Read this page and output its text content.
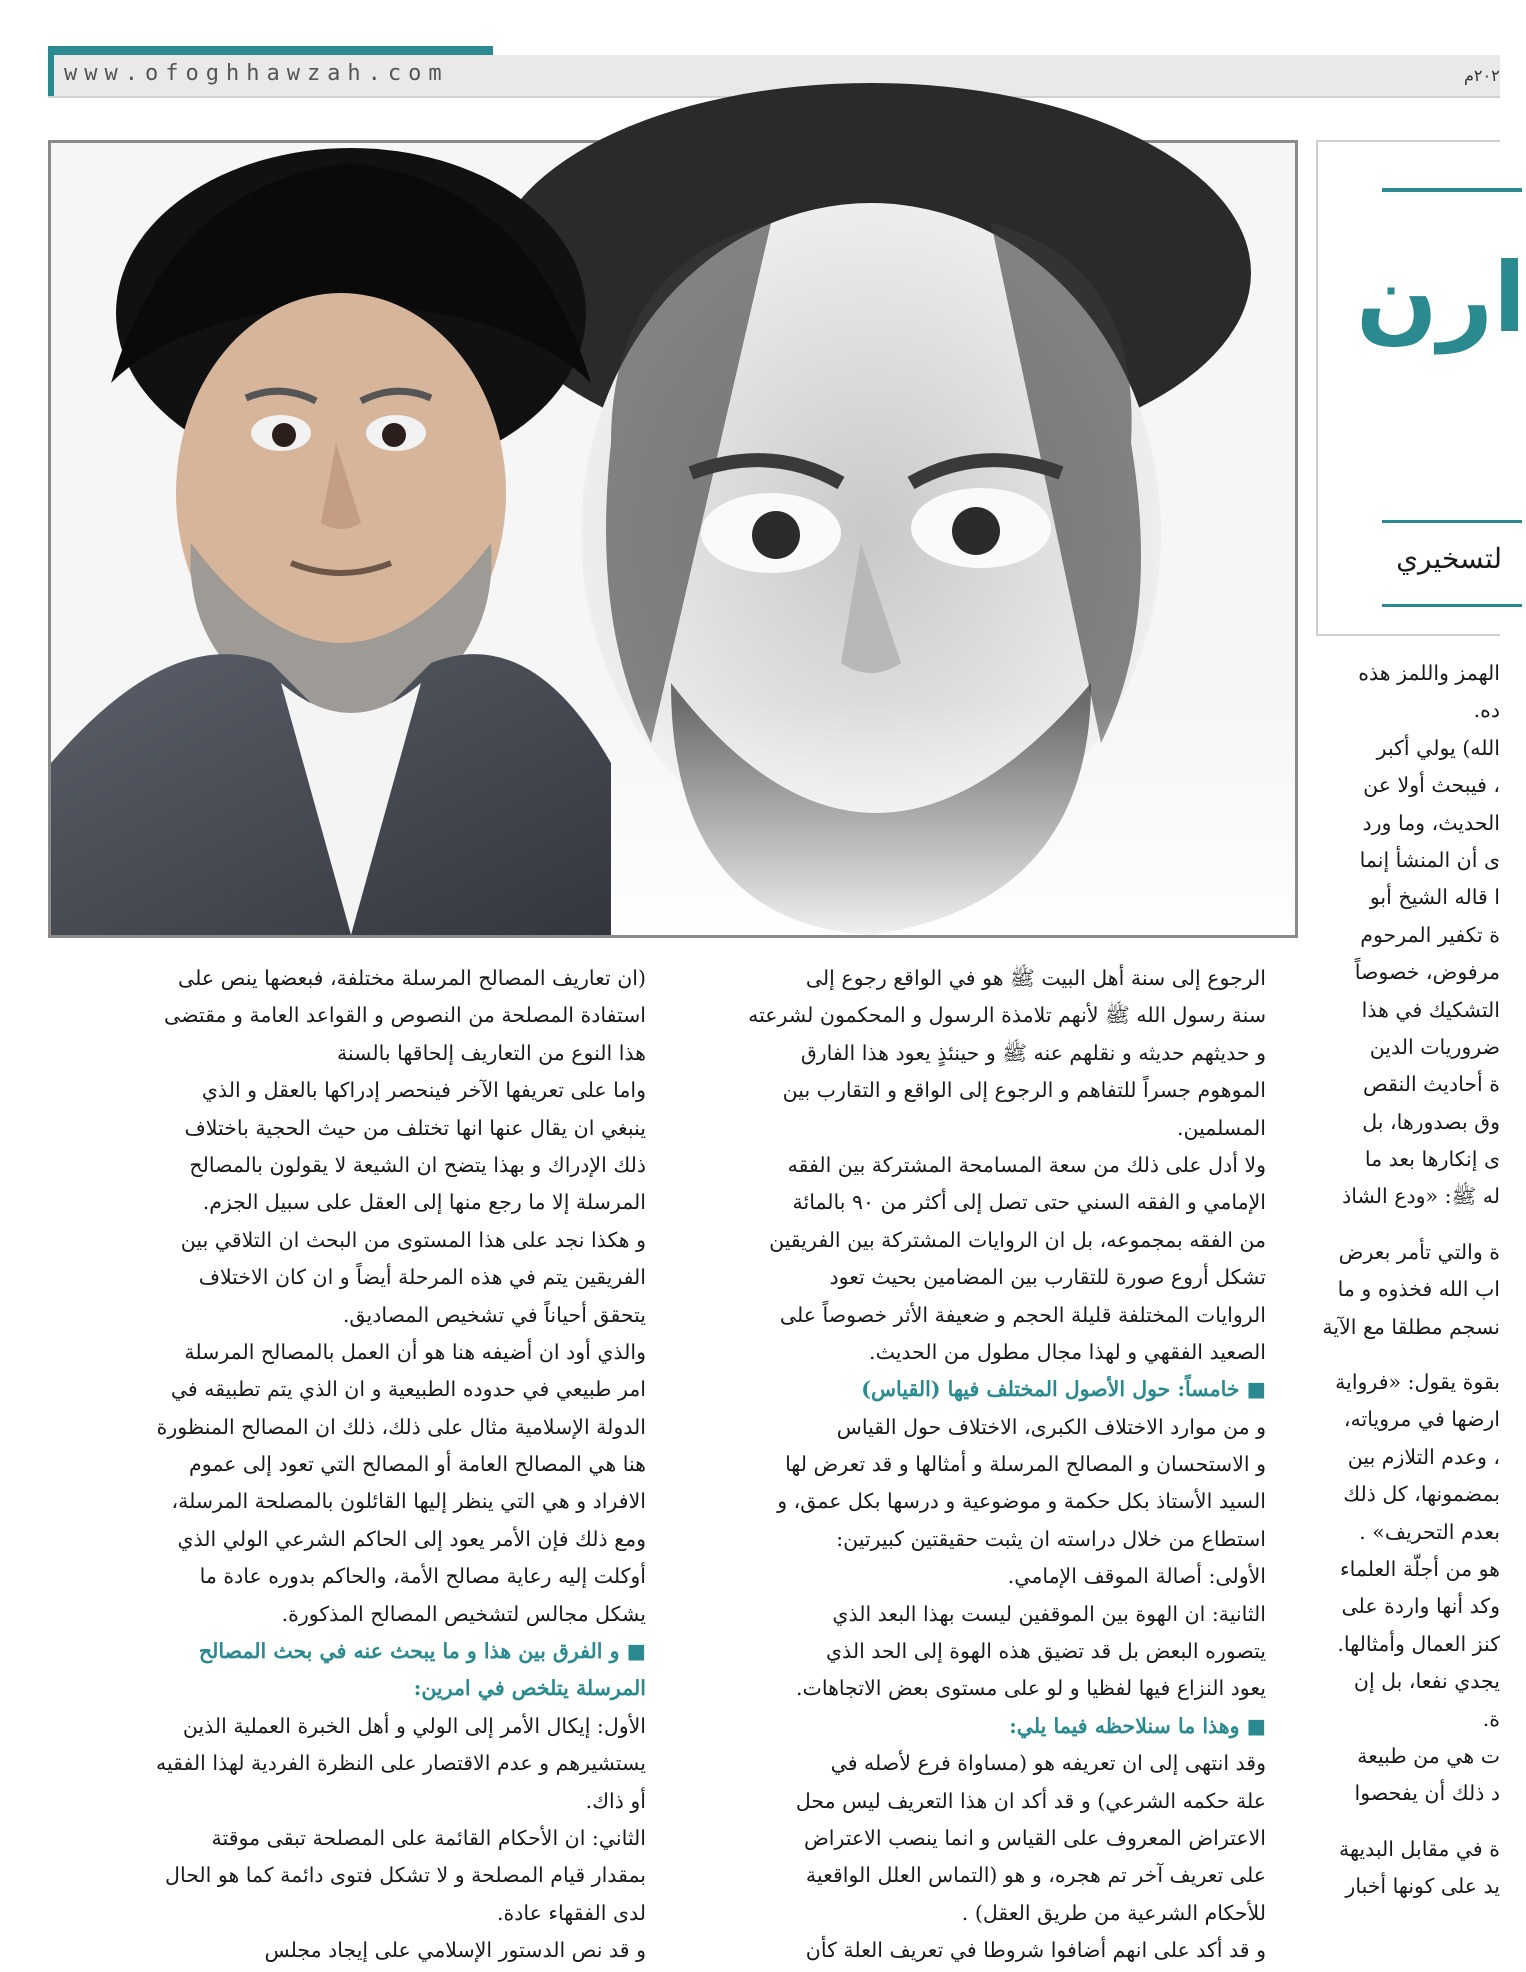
www.ofoghhawzah.com	۲۰۲م
ارن
لتسخيري
الهمز واللمز هذه
ده.
الله) يولي أكبر
، فيبحث أولا عن
الحديث، وما ورد
ى أن المنشأ إنما
ا قاله الشيخ أبو
ة تكفير المرحوم
مرفوض، خصوصاً
التشكيك في هذا
ضروريات الدين
ة أحاديث النقص
وق بصدورها، بل
ى إنكارها بعد ما
له ﷺ: «ودع الشاذ
ة والتي تأمر بعرض
اب الله فخذوه و ما
نسجم مطلقا مع الآية
بقوة يقول: «فرواية
ارضها في مروياته،
، وعدم التلازم بين
بمضمونها، كل ذلك
بعدم التحريف» .
هو من أجلّة العلماء
وكد أنها واردة على
كنز العمال وأمثالها.
يجدي نفعا، بل إن
ة.
ت هي من طبيعة
د ذلك أن يفحصوا
ة في مقابل البديهة
يد على كونها أخبار
الرجوع إلى سنة أهل البيت ﷺ هو في الواقع رجوع إلى
سنة رسول الله ﷺ لأنهم تلامذة الرسول و المحكمون لشرعته
و حديثهم حديثه و نقلهم عنه ﷺ و حينئذٍ يعود هذا الفارق
الموهوم جسراً للتفاهم و الرجوع إلى الواقع و التقارب بين
المسلمين.
ولا أدل على ذلك من سعة المسامحة المشتركة بين الفقه
الإمامي و الفقه السني حتى تصل إلى أكثر من ٩٠ بالمائة
من الفقه بمجموعه، بل ان الروايات المشتركة بين الفريقين
تشكل أروع صورة للتقارب بين المضامين بحيث تعود
الروايات المختلفة قليلة الحجم و ضعيفة الأثر خصوصاً على
الصعيد الفقهي و لهذا مجال مطول من الحديث.
■ خامساً: حول الأصول المختلف فيها (القياس)
و من موارد الاختلاف الكبرى، الاختلاف حول القياس
و الاستحسان و المصالح المرسلة و أمثالها و قد تعرض لها
السيد الأستاذ بكل حكمة و موضوعية و درسها بكل عمق، و
استطاع من خلال دراسته ان يثبت حقيقتين كبيرتين:
الأولى: أصالة الموقف الإمامي.
الثانية: ان الهوة بين الموقفين ليست بهذا البعد الذي
يتصوره البعض بل قد تضيق هذه الهوة إلى الحد الذي
يعود النزاع فيها لفظيا و لو على مستوى بعض الاتجاهات.
■ وهذا ما سنلاحظه فيما يلي:
وقد انتهى إلى ان تعريفه هو (مساواة فرع لأصله في
علة حكمه الشرعي) و قد أكد ان هذا التعريف ليس محل
الاعتراض المعروف على القياس و انما ينصب الاعتراض
على تعريف آخر تم هجره، و هو (التماس العلل الواقعية
للأحكام الشرعية من طريق العقل) .
و قد أكد على انهم أضافوا شروطا في تعريف العلة كأن
(ان تعاريف المصالح المرسلة مختلفة، فبعضها ينص على
استفادة المصلحة من النصوص و القواعد العامة و مقتضى
هذا النوع من التعاريف إلحاقها بالسنة
واما على تعريفها الآخر فينحصر إدراكها بالعقل و الذي
ينبغي ان يقال عنها انها تختلف من حيث الحجية باختلاف
ذلك الإدراك و بهذا يتضح ان الشيعة لا يقولون بالمصالح
المرسلة إلا ما رجع منها إلى العقل على سبيل الجزم.
و هكذا نجد على هذا المستوى من البحث ان التلاقي بين
الفريقين يتم في هذه المرحلة أيضاً و ان كان الاختلاف
يتحقق أحياناً في تشخيص المصاديق.
والذي أود ان أضيفه هنا هو أن العمل بالمصالح المرسلة
امر طبيعي في حدوده الطبيعية و ان الذي يتم تطبيقه في
الدولة الإسلامية مثال على ذلك، ذلك ان المصالح المنظورة
هنا هي المصالح العامة أو المصالح التي تعود إلى عموم
الافراد و هي التي ينظر إليها القائلون بالمصلحة المرسلة،
ومع ذلك فإن الأمر يعود إلى الحاكم الشرعي الولي الذي
أوكلت إليه رعاية مصالح الأمة، والحاكم بدوره عادة ما
يشكل مجالس لتشخيص المصالح المذكورة.
■ و الفرق بين هذا و ما يبحث عنه في بحث المصالح
المرسلة يتلخص في امرين:
الأول: إيكال الأمر إلى الولي و أهل الخبرة العملية الذين
يستشيرهم و عدم الاقتصار على النظرة الفردية لهذا الفقيه
أو ذاك.
الثاني: ان الأحكام القائمة على المصلحة تبقى موقتة
بمقدار قيام المصلحة و لا تشكل فتوى دائمة كما هو الحال
لدى الفقهاء عادة.
و قد نص الدستور الإسلامي على إيجاد مجلس
